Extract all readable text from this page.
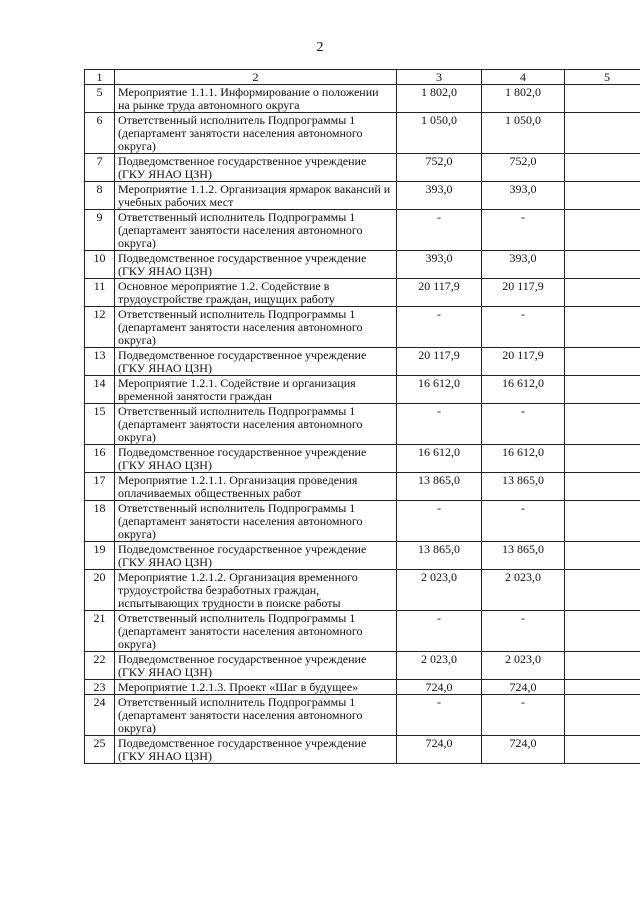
2
1	2	3	4	5
5	Мероприятие 1.1.1. Информирование о положении на рынке труда автономного округа	1 802,0	1 802,0	
6	Ответственный исполнитель Подпрограммы 1 (департамент занятости населения автономного округа)	1 050,0	1 050,0	
7	Подведомственное государственное учреждение (ГКУ ЯНАО ЦЗН)	752,0	752,0	
8	Мероприятие 1.1.2. Организация ярмарок вакансий и учебных рабочих мест	393,0	393,0	
9	Ответственный исполнитель Подпрограммы 1 (департамент занятости населения автономного округа)	-	-	
10	Подведомственное государственное учреждение (ГКУ ЯНАО ЦЗН)	393,0	393,0	
11	Основное мероприятие 1.2. Содействие в трудоустройстве граждан, ищущих работу	20 117,9	20 117,9	
12	Ответственный исполнитель Подпрограммы 1 (департамент занятости населения автономного округа)	-	-	
13	Подведомственное государственное учреждение (ГКУ ЯНАО ЦЗН)	20 117,9	20 117,9	
14	Мероприятие 1.2.1. Содействие и организация временной занятости граждан	16 612,0	16 612,0	
15	Ответственный исполнитель Подпрограммы 1 (департамент занятости населения автономного округа)	-	-	
16	Подведомственное государственное учреждение (ГКУ ЯНАО ЦЗН)	16 612,0	16 612,0	
17	Мероприятие 1.2.1.1. Организация проведения оплачиваемых общественных работ	13 865,0	13 865,0	
18	Ответственный исполнитель Подпрограммы 1 (департамент занятости населения автономного округа)	-	-	
19	Подведомственное государственное учреждение (ГКУ ЯНАО ЦЗН)	13 865,0	13 865,0	
20	Мероприятие 1.2.1.2. Организация временного трудоустройства безработных граждан, испытывающих трудности в поиске работы	2 023,0	2 023,0	
21	Ответственный исполнитель Подпрограммы 1 (департамент занятости населения автономного округа)	-	-	
22	Подведомственное государственное учреждение (ГКУ ЯНАО ЦЗН)	2 023,0	2 023,0	
23	Мероприятие 1.2.1.3. Проект «Шаг в будущее»	724,0	724,0	
24	Ответственный исполнитель Подпрограммы 1 (департамент занятости населения автономного округа)	-	-	
25	Подведомственное государственное учреждение (ГКУ ЯНАО ЦЗН)	724,0	724,0	
